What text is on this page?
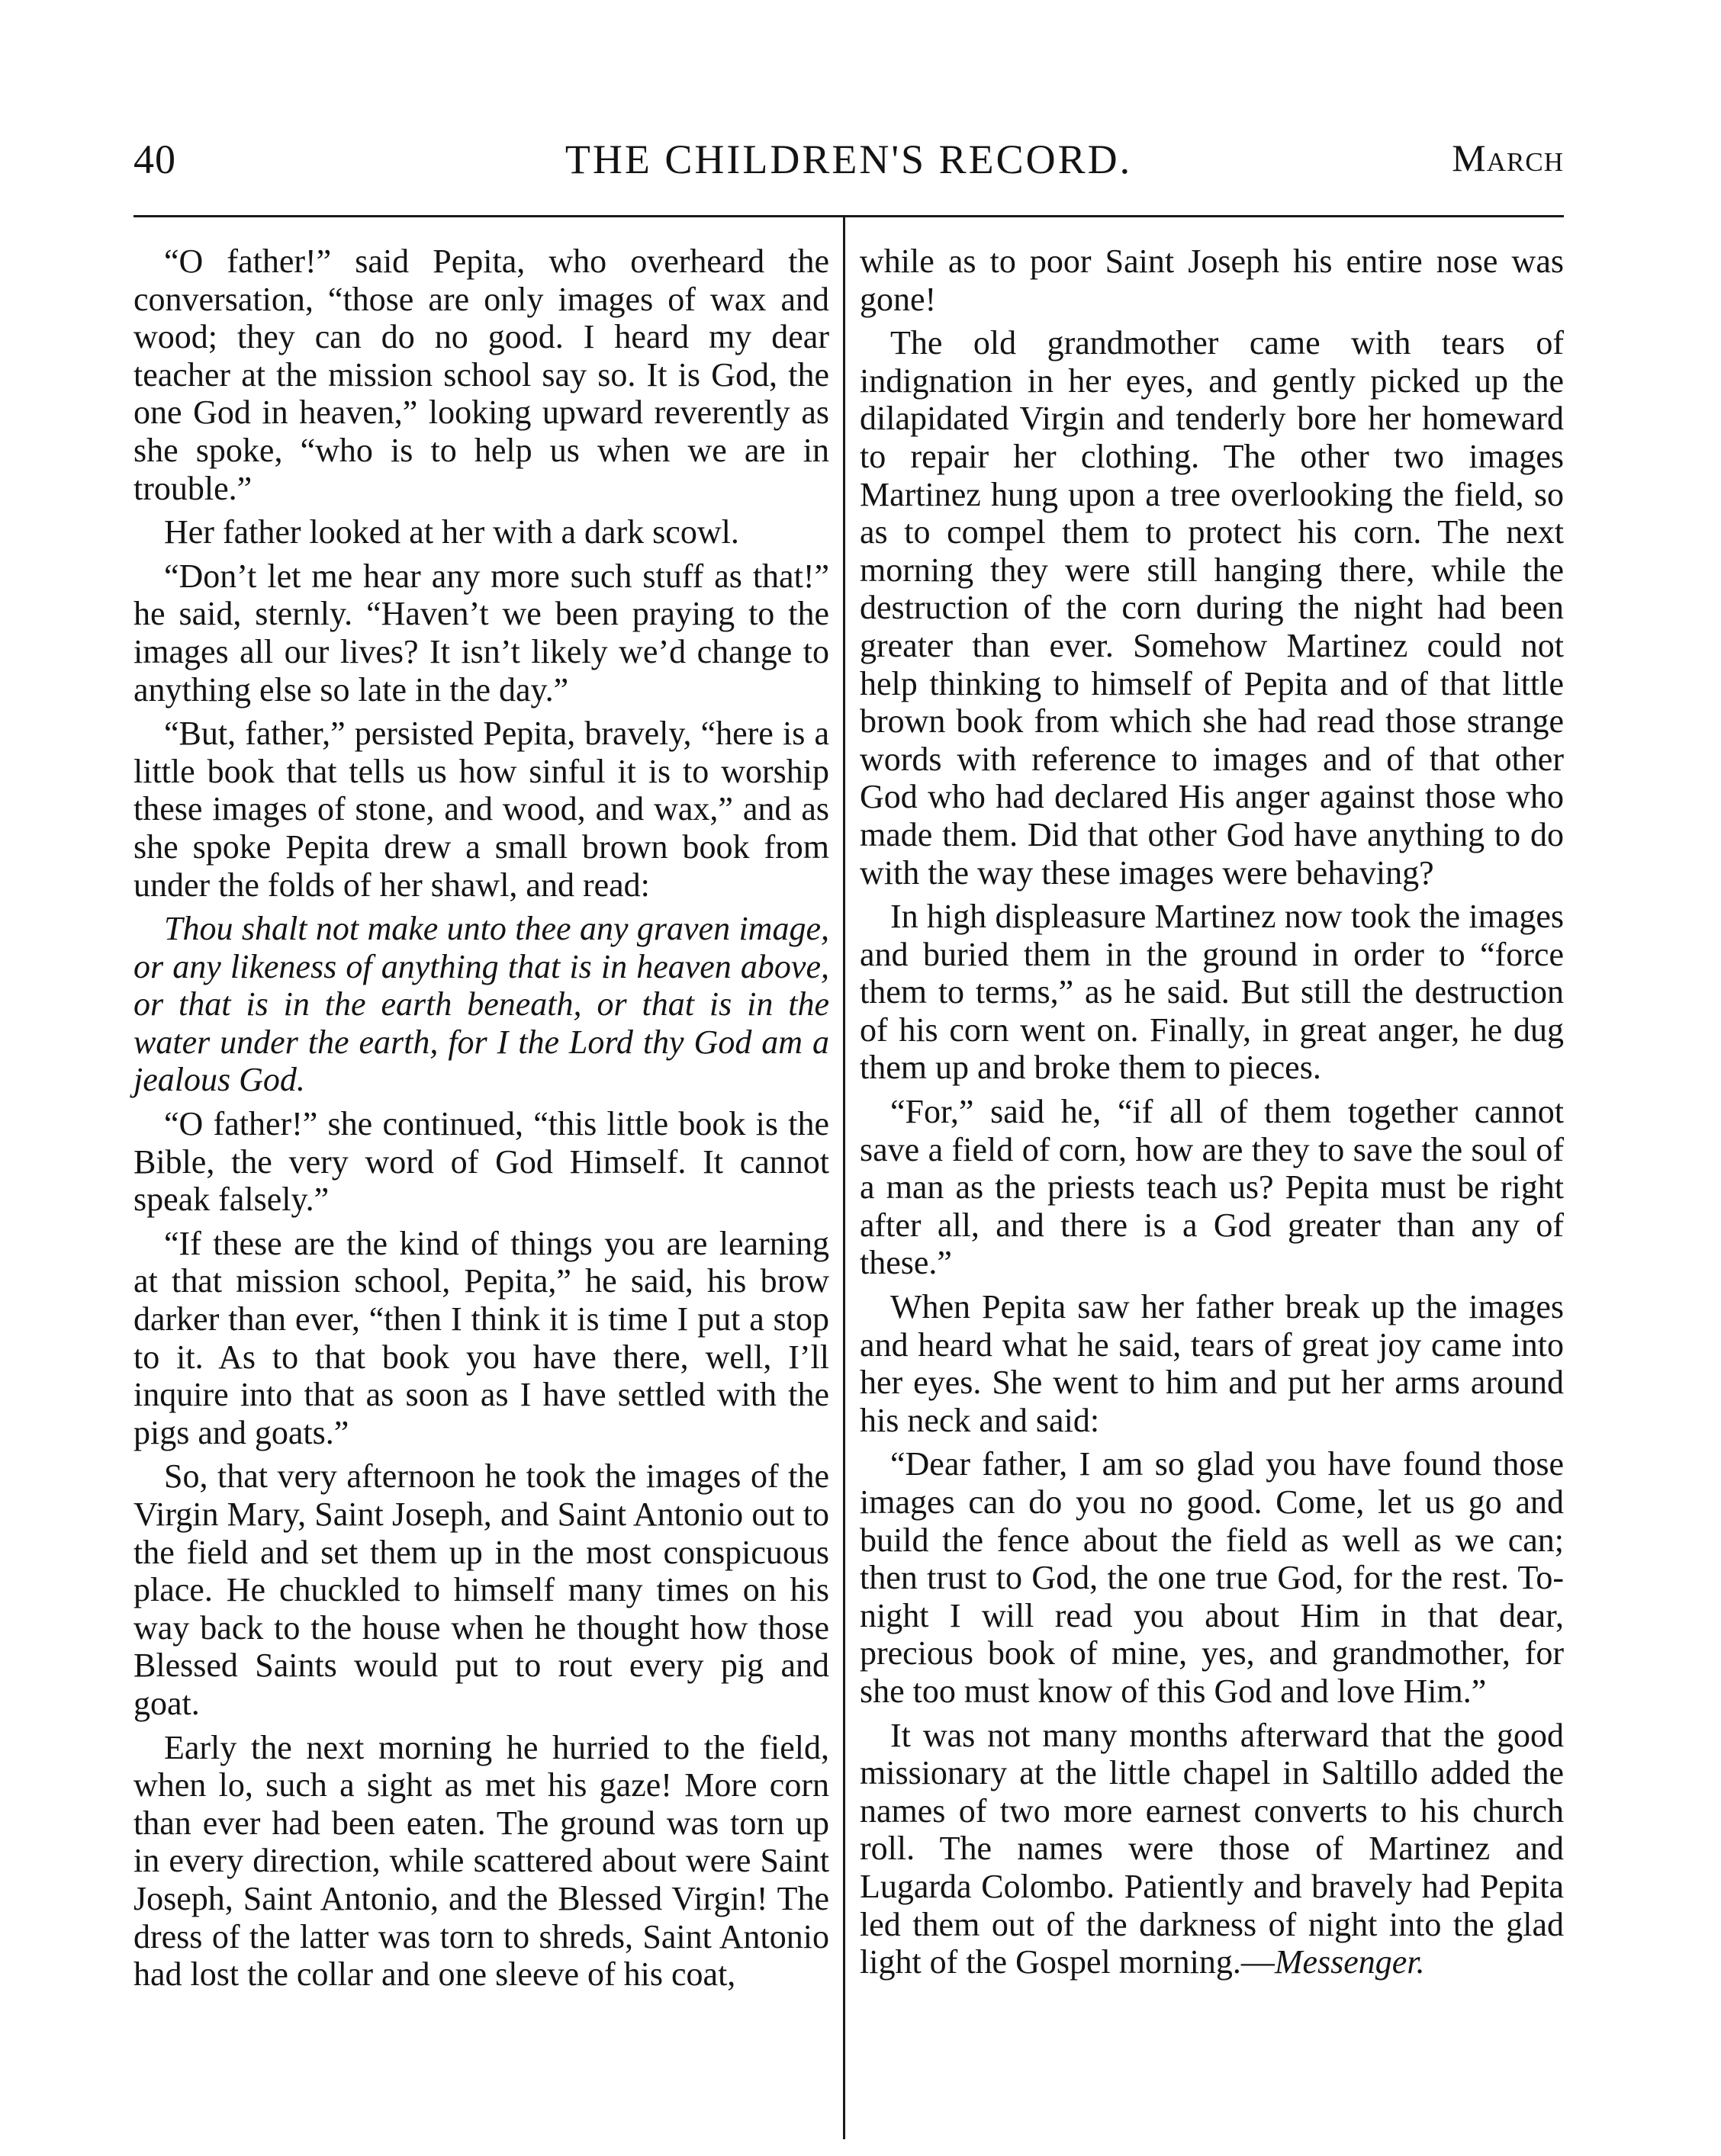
40	THE CHILDREN'S RECORD.	March

“O father!” said Pepita, who overheard the conversation, “those are only images of wax and wood; they can do no good. I heard my dear teacher at the mission school say so. It is God, the one God in heaven,” looking upward reverently as she spoke, “who is to help us when we are in trouble.”

Her father looked at her with a dark scowl.

“Don’t let me hear any more such stuff as that!” he said, sternly. “Haven’t we been praying to the images all our lives? It isn’t likely we’d change to anything else so late in the day.”

“But, father,” persisted Pepita, bravely, “here is a little book that tells us how sinful it is to worship these images of stone, and wood, and wax,” and as she spoke Pepita drew a small brown book from under the folds of her shawl, and read:

Thou shalt not make unto thee any graven image, or any likeness of anything that is in heaven above, or that is in the earth beneath, or that is in the water under the earth, for I the Lord thy God am a jealous God.

“O father!” she continued, “this little book is the Bible, the very word of God Himself. It cannot speak falsely.”

“If these are the kind of things you are learning at that mission school, Pepita,” he said, his brow darker than ever, “then I think it is time I put a stop to it. As to that book you have there, well, I’ll inquire into that as soon as I have settled with the pigs and goats.”

So, that very afternoon he took the images of the Virgin Mary, Saint Joseph, and Saint Antonio out to the field and set them up in the most conspicuous place. He chuckled to himself many times on his way back to the house when he thought how those Blessed Saints would put to rout every pig and goat.

Early the next morning he hurried to the field, when lo, such a sight as met his gaze! More corn than ever had been eaten. The ground was torn up in every direction, while scattered about were Saint Joseph, Saint Antonio, and the Blessed Virgin! The dress of the latter was torn to shreds, Saint Antonio had lost the collar and one sleeve of his coat,

while as to poor Saint Joseph his entire nose was gone!

The old grandmother came with tears of indignation in her eyes, and gently picked up the dilapidated Virgin and tenderly bore her homeward to repair her clothing. The other two images Martinez hung upon a tree overlooking the field, so as to compel them to protect his corn. The next morning they were still hanging there, while the destruction of the corn during the night had been greater than ever. Somehow Martinez could not help thinking to himself of Pepita and of that little brown book from which she had read those strange words with reference to images and of that other God who had declared His anger against those who made them. Did that other God have anything to do with the way these images were behaving?

In high displeasure Martinez now took the images and buried them in the ground in order to “force them to terms,” as he said. But still the destruction of his corn went on. Finally, in great anger, he dug them up and broke them to pieces.

“For,” said he, “if all of them together cannot save a field of corn, how are they to save the soul of a man as the priests teach us? Pepita must be right after all, and there is a God greater than any of these.”

When Pepita saw her father break up the images and heard what he said, tears of great joy came into her eyes. She went to him and put her arms around his neck and said:

“Dear father, I am so glad you have found those images can do you no good. Come, let us go and build the fence about the field as well as we can; then trust to God, the one true God, for the rest. To-night I will read you about Him in that dear, precious book of mine, yes, and grandmother, for she too must know of this God and love Him.”

It was not many months afterward that the good missionary at the little chapel in Saltillo added the names of two more earnest converts to his church roll. The names were those of Martinez and Lugarda Colombo. Patiently and bravely had Pepita led them out of the darkness of night into the glad light of the Gospel morning.—Messenger.
